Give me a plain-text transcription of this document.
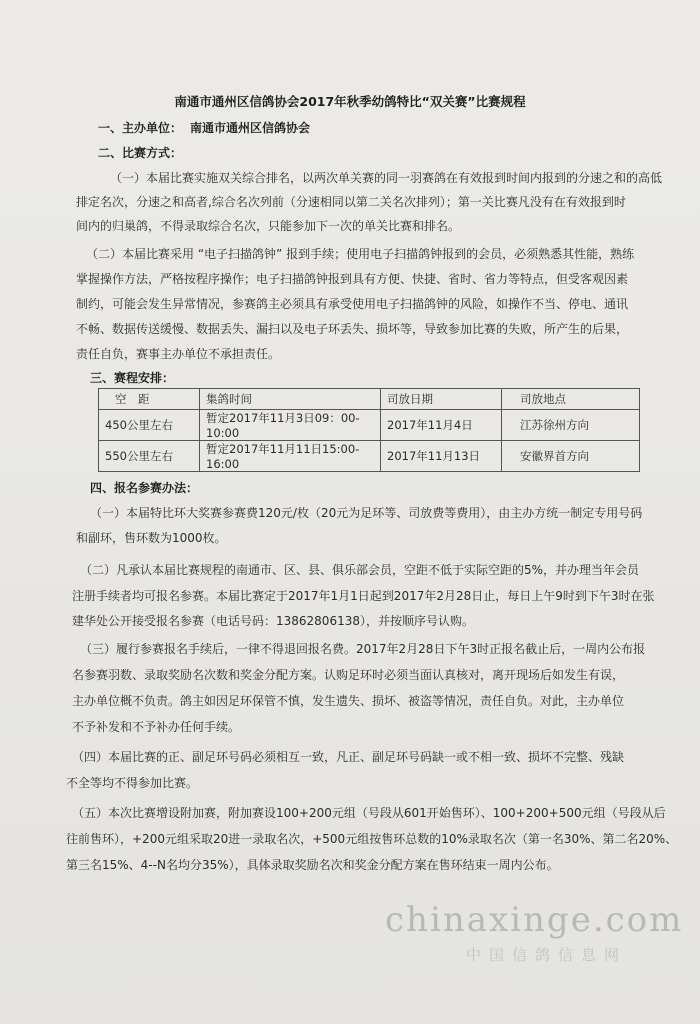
南通市通州区信鸽协会2017年秋季幼鸽特比“双关赛”比赛规程
一、主办单位： 南通市通州区信鸽协会
二、比赛方式：
（一）本届比赛实施双关综合排名，以两次单关赛的同一羽赛鸽在有效报到时间内报到的分速之和的高低
排定名次，分速之和高者,综合名次列前（分速相同以第二关名次排列）；第一关比赛凡没有在有效报到时
间内的归巢鸽，不得录取综合名次，只能参加下一次的单关比赛和排名。
（二）本届比赛采用 “电子扫描鸽钟” 报到手续；使用电子扫描鸽钟报到的会员，必须熟悉其性能，熟练
掌握操作方法，严格按程序操作；电子扫描鸽钟报到具有方便、快捷、省时、省力等特点，但受客观因素
制约，可能会发生异常情况，参赛鸽主必须具有承受使用电子扫描鸽钟的风险，如操作不当、停电、通讯
不畅、数据传送缓慢、数据丢失、漏扫以及电子环丢失、损坏等，导致参加比赛的失败，所产生的后果，
责任自负，赛事主办单位不承担责任。
三、赛程安排：
空　距	集鸽时间	司放日期	司放地点
450公里左右	暂定2017年11月3日09：00-10:00	2017年11月4日	江苏徐州方向
550公里左右	暂定2017年11月11日15:00-16:00	2017年11月13日	安徽界首方向
四、报名参赛办法：
（一）本届特比环大奖赛参赛费120元/枚（20元为足环等、司放费等费用），由主办方统一制定专用号码
和副环，售环数为1000枚。
（二）凡承认本届比赛规程的南通市、区、县、俱乐部会员，空距不低于实际空距的5%，并办理当年会员
注册手续者均可报名参赛。本届比赛定于2017年1月1日起到2017年2月28日止，每日上午9时到下午3时在张
建华处公开接受报名参赛（电话号码：13862806138），并按顺序号认购。
（三）履行参赛报名手续后，一律不得退回报名费。2017年2月28日下午3时正报名截止后，一周内公布报
名参赛羽数、录取奖励名次数和奖金分配方案。认购足环时必须当面认真核对，离开现场后如发生有误，
主办单位概不负责。鸽主如因足环保管不慎，发生遗失、损坏、被盗等情况，责任自负。对此，主办单位
不予补发和不予补办任何手续。
（四）本届比赛的正、副足环号码必须相互一致，凡正、副足环号码缺一或不相一致、损坏不完整、残缺
不全等均不得参加比赛。
（五）本次比赛增设附加赛，附加赛设100+200元组（号段从601开始售环）、100+200+500元组（号段从后
往前售环），+200元组采取20进一录取名次，+500元组按售环总数的10%录取名次（第一名30%、第二名20%、
第三名15%、4--N名均分35%），具体录取奖励名次和奖金分配方案在售环结束一周内公布。
chinaxinge.com
中国信鸽信息网
